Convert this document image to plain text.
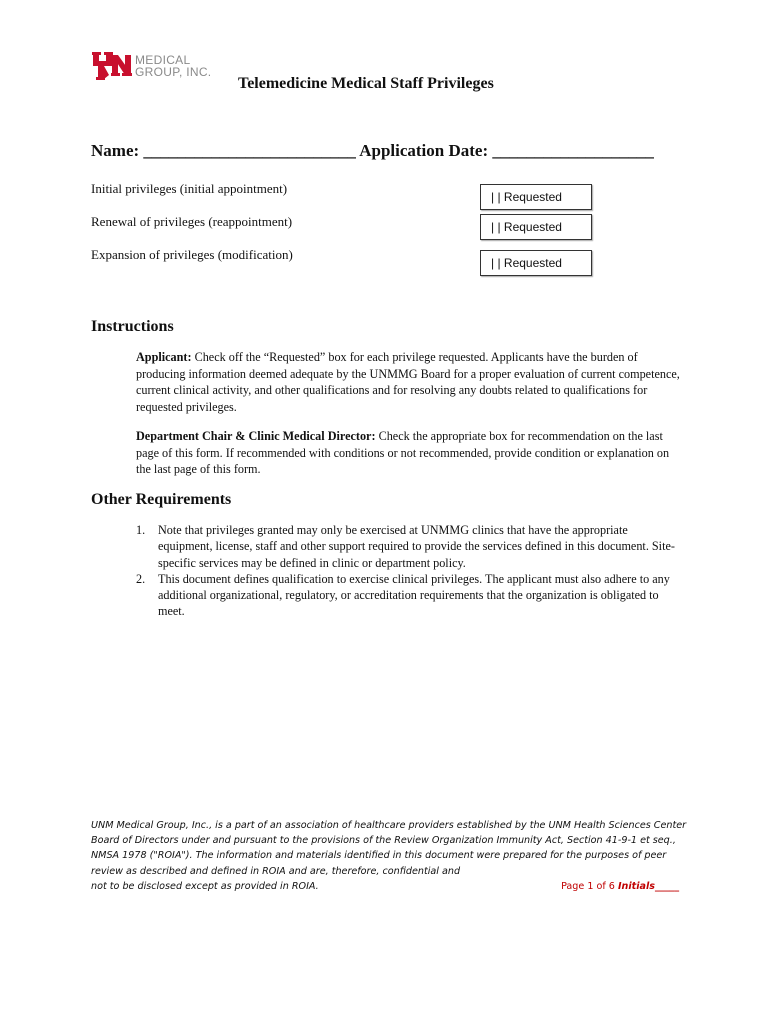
MEDICAL
GROUP, INC.
Telemedicine Medical Staff Privileges
Name: _________________________ Application Date: ___________________
Initial privileges (initial appointment)
| | Requested
Renewal of privileges (reappointment)	| | Requested
Expansion of privileges (modification)
| | Requested
Instructions
Applicant: Check off the “Requested” box for each privilege requested. Applicants have the burden of producing information deemed adequate by the UNMMG Board for a proper evaluation of current competence, current clinical activity, and other qualifications and for resolving any doubts related to qualifications for requested privileges.
Department Chair & Clinic Medical Director: Check the appropriate box for recommendation on the last page of this form. If recommended with conditions or not recommended, provide condition or explanation on the last page of this form.
Other Requirements
1. Note that privileges granted may only be exercised at UNMMG clinics that have the appropriate equipment, license, staff and other support required to provide the services defined in this document. Site-specific services may be defined in clinic or department policy.
2. This document defines qualification to exercise clinical privileges. The applicant must also adhere to any additional organizational, regulatory, or accreditation requirements that the organization is obligated to meet.
UNM Medical Group, Inc., is a part of an association of healthcare providers established by the UNM Health Sciences Center Board of Directors under and pursuant to the provisions of the Review Organization Immunity Act, Section 41-9-1 et seq., NMSA 1978 ("ROIA"). The information and materials identified in this document were prepared for the purposes of peer review as described and defined in ROIA and are, therefore, confidential and
not to be disclosed except as provided in ROIA.	Page 1 of 6 Initials_____
